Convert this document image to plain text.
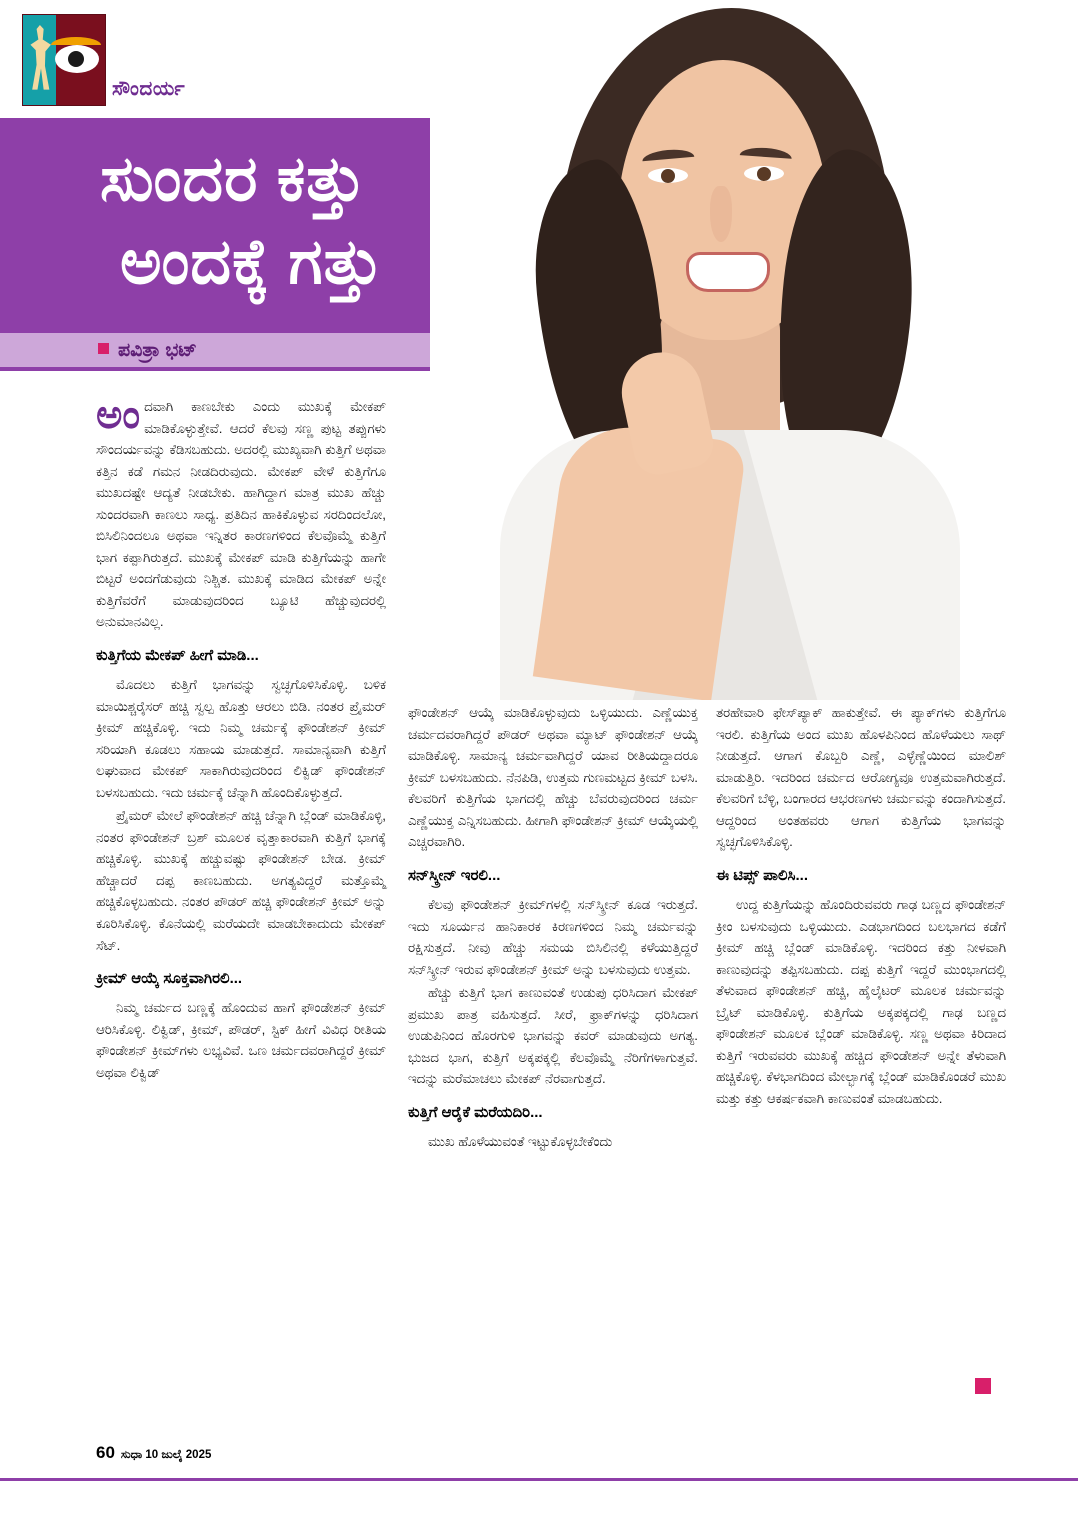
ಸೌಂದರ್ಯ
ಸುಂದರ ಕತ್ತು
ಅಂದಕ್ಕೆ ಗತ್ತು
ಪವಿತ್ರಾ ಭಟ್

ಅಂದವಾಗಿ ಕಾಣಬೇಕು ಎಂದು ಮುಖಕ್ಕೆ ಮೇಕಪ್ ಮಾಡಿಕೊಳ್ಳುತ್ತೇವೆ. ಆದರೆ ಕೆಲವು ಸಣ್ಣ ಪುಟ್ಟ ತಪ್ಪುಗಳು ಸೌಂದರ್ಯವನ್ನು ಕೆಡಿಸಬಹುದು. ಅದರಲ್ಲಿ ಮುಖ್ಯವಾಗಿ ಕುತ್ತಿಗೆ ಅಥವಾ ಕತ್ತಿನ ಕಡೆ ಗಮನ ನೀಡದಿರುವುದು. ಮೇಕಪ್ ವೇಳೆ ಕುತ್ತಿಗೆಗೂ ಮುಖದಷ್ಟೇ ಆದ್ಯತೆ ನೀಡಬೇಕು. ಹಾಗಿದ್ದಾಗ ಮಾತ್ರ ಮುಖ ಹೆಚ್ಚು ಸುಂದರವಾಗಿ ಕಾಣಲು ಸಾಧ್ಯ. ಪ್ರತಿದಿನ ಹಾಕಿಕೊಳ್ಳುವ ಸರದಿಂದಲೋ, ಬಿಸಿಲಿನಿಂದಲೂ ಅಥವಾ ಇನ್ನಿತರ ಕಾರಣಗಳಿಂದ ಕೆಲವೊಮ್ಮೆ ಕುತ್ತಿಗೆ ಭಾಗ ಕಪ್ಪಾಗಿರುತ್ತದೆ. ಮುಖಕ್ಕೆ ಮೇಕಪ್ ಮಾಡಿ ಕುತ್ತಿಗೆಯನ್ನು ಹಾಗೇ ಬಿಟ್ಟರೆ ಅಂದಗೆಡುವುದು ನಿಶ್ಚಿತ. ಮುಖಕ್ಕೆ ಮಾಡಿದ ಮೇಕಪ್ ಅನ್ನೇ ಕುತ್ತಿಗೆವರೆಗೆ ಮಾಡುವುದರಿಂದ ಬ್ಯೂಟಿ ಹೆಚ್ಚುವುದರಲ್ಲಿ ಅನುಮಾನವಿಲ್ಲ.

ಕುತ್ತಿಗೆಯ ಮೇಕಪ್ ಹೀಗೆ ಮಾಡಿ...

ಮೊದಲು ಕುತ್ತಿಗೆ ಭಾಗವನ್ನು ಸ್ವಚ್ಛಗೊಳಿಸಿಕೊಳ್ಳಿ. ಬಳಿಕ ಮಾಯಿಶ್ಚರೈಸರ್ ಹಚ್ಚಿ ಸ್ವಲ್ಪ ಹೊತ್ತು ಆರಲು ಬಿಡಿ. ನಂತರ ಪ್ರೈಮರ್ ಕ್ರೀಮ್ ಹಚ್ಚಿಕೊಳ್ಳಿ. ಇದು ನಿಮ್ಮ ಚರ್ಮಕ್ಕೆ ಫೌಂಡೇಶನ್ ಕ್ರೀಮ್ ಸರಿಯಾಗಿ ಕೂಡಲು ಸಹಾಯ ಮಾಡುತ್ತದೆ. ಸಾಮಾನ್ಯವಾಗಿ ಕುತ್ತಿಗೆ ಲಘುವಾದ ಮೇಕಪ್ ಸಾಕಾಗಿರುವುದರಿಂದ ಲಿಕ್ವಿಡ್ ಫೌಂಡೇಶನ್ ಬಳಸಬಹುದು. ಇದು ಚರ್ಮಕ್ಕೆ ಚೆನ್ನಾಗಿ ಹೊಂದಿಕೊಳ್ಳುತ್ತದೆ.

ಪ್ರೈಮರ್ ಮೇಲೆ ಫೌಂಡೇಶನ್ ಹಚ್ಚಿ ಚೆನ್ನಾಗಿ ಬ್ಲೆಂಡ್ ಮಾಡಿಕೊಳ್ಳಿ, ನಂತರ ಫೌಂಡೇಶನ್ ಬ್ರಶ್ ಮೂಲಕ ವೃತ್ತಾಕಾರವಾಗಿ ಕುತ್ತಿಗೆ ಭಾಗಕ್ಕೆ ಹಚ್ಚಿಕೊಳ್ಳಿ. ಮುಖಕ್ಕೆ ಹಚ್ಚುವಷ್ಟು ಫೌಂಡೇಶನ್ ಬೇಡ. ಕ್ರೀಮ್ ಹೆಚ್ಚಾದರೆ ದಪ್ಪ ಕಾಣಬಹುದು. ಅಗತ್ಯವಿದ್ದರೆ ಮತ್ತೊಮ್ಮೆ ಹಚ್ಚಿಕೊಳ್ಳಬಹುದು. ನಂತರ ಪೌಡರ್ ಹಚ್ಚಿ ಫೌಂಡೇಶನ್ ಕ್ರೀಮ್ ಅನ್ನು ಕೂರಿಸಿಕೊಳ್ಳಿ. ಕೊನೆಯಲ್ಲಿ ಮರೆಯದೇ ಮಾಡಬೇಕಾದುದು ಮೇಕಪ್ ಸೆಟ್.

ಕ್ರೀಮ್ ಆಯ್ಕೆ ಸೂಕ್ತವಾಗಿರಲಿ...

ನಿಮ್ಮ ಚರ್ಮದ ಬಣ್ಣಕ್ಕೆ ಹೊಂದುವ ಹಾಗೆ ಫೌಂಡೇಶನ್ ಕ್ರೀಮ್ ಆರಿಸಿಕೊಳ್ಳಿ. ಲಿಕ್ವಿಡ್, ಕ್ರೀಮ್, ಪೌಡರ್, ಸ್ಟಿಕ್ ಹೀಗೆ ವಿವಿಧ ರೀತಿಯ ಫೌಂಡೇಶನ್ ಕ್ರೀಮ್‌ಗಳು ಲಭ್ಯವಿವೆ. ಒಣ ಚರ್ಮದವರಾಗಿದ್ದರೆ ಕ್ರೀಮ್ ಅಥವಾ ಲಿಕ್ವಿಡ್

ಫೌಂಡೇಶನ್ ಆಯ್ಕೆ ಮಾಡಿಕೊಳ್ಳುವುದು ಒಳ್ಳಿಯುದು. ಎಣ್ಣೆಯುಕ್ತ ಚರ್ಮದವರಾಗಿದ್ದರೆ ಪೌಡರ್ ಅಥವಾ ಮ್ಯಾಟ್ ಫೌಂಡೇಶನ್ ಆಯ್ಕೆ ಮಾಡಿಕೊಳ್ಳಿ. ಸಾಮಾನ್ಯ ಚರ್ಮವಾಗಿದ್ದರೆ ಯಾವ ರೀತಿಯದ್ದಾದರೂ ಕ್ರೀಮ್ ಬಳಸಬಹುದು. ನೆನಪಿಡಿ, ಉತ್ತಮ ಗುಣಮಟ್ಟದ ಕ್ರೀಮ್ ಬಳಸಿ. ಕೆಲವರಿಗೆ ಕುತ್ತಿಗೆಯ ಭಾಗದಲ್ಲಿ ಹೆಚ್ಚು ಬೆವರುವುದರಿಂದ ಚರ್ಮ ಎಣ್ಣೆಯುಕ್ತ ಎನ್ನಿಸಬಹುದು. ಹೀಗಾಗಿ ಫೌಂಡೇಶನ್ ಕ್ರೀಮ್ ಆಯ್ಕೆಯಲ್ಲಿ ಎಚ್ಚರವಾಗಿರಿ.

ಸನ್‌ಸ್ಕ್ರೀನ್ ಇರಲಿ...

ಕೆಲವು ಫೌಂಡೇಶನ್ ಕ್ರೀಮ್‌ಗಳಲ್ಲಿ ಸನ್‌ಸ್ಕ್ರೀನ್ ಕೂಡ ಇರುತ್ತದೆ. ಇದು ಸೂರ್ಯನ ಹಾನಿಕಾರಕ ಕಿರಣಗಳಿಂದ ನಿಮ್ಮ ಚರ್ಮವನ್ನು ರಕ್ಷಿಸುತ್ತದೆ. ನೀವು ಹೆಚ್ಚು ಸಮಯ ಬಿಸಿಲಿನಲ್ಲಿ ಕಳೆಯುತ್ತಿದ್ದರೆ ಸನ್‌ಸ್ಕ್ರೀನ್ ಇರುವ ಫೌಂಡೇಶನ್ ಕ್ರೀಮ್ ಅನ್ನು ಬಳಸುವುದು ಉತ್ತಮ.

ಹೆಚ್ಚು ಕುತ್ತಿಗೆ ಭಾಗ ಕಾಣುವಂತೆ ಉಡುಪು ಧರಿಸಿದಾಗ ಮೇಕಪ್ ಪ್ರಮುಖ ಪಾತ್ರ ವಹಿಸುತ್ತದೆ. ಸೀರೆ, ಫ್ರಾಕ್‌ಗಳನ್ನು ಧರಿಸಿದಾಗ ಉಡುಪಿನಿಂದ ಹೊರಗುಳಿ ಭಾಗವನ್ನು ಕವರ್ ಮಾಡುವುದು ಅಗತ್ಯ. ಭುಜದ ಭಾಗ, ಕುತ್ತಿಗೆ ಅಕ್ಕಪಕ್ಕಲ್ಲಿ ಕೆಲವೊಮ್ಮೆ ನೆರಿಗೆಗಳಾಗುತ್ತವೆ. ಇದನ್ನು ಮರೆಮಾಚಲು ಮೇಕಪ್ ನೆರವಾಗುತ್ತದೆ.

ಕುತ್ತಿಗೆ ಆರೈಕೆ ಮರೆಯದಿರಿ...

ಮುಖ ಹೊಳೆಯುವಂತೆ ಇಟ್ಟುಕೊಳ್ಳಬೇಕೆಂದು

ತರಹೇವಾರಿ ಫೇಸ್‌ಪ್ಯಾಕ್ ಹಾಕುತ್ತೇವೆ. ಈ ಪ್ಯಾಕ್‌ಗಳು ಕುತ್ತಿಗೆಗೂ ಇರಲಿ. ಕುತ್ತಿಗೆಯ ಅಂದ ಮುಖ ಹೊಳಪಿನಿಂದ ಹೊಳೆಯಲು ಸಾಥ್ ನೀಡುತ್ತದೆ. ಆಗಾಗ ಕೊಬ್ಬರಿ ಎಣ್ಣೆ, ಎಳ್ಳೆಣ್ಣೆಯಿಂದ ಮಾಲಿಶ್ ಮಾಡುತ್ತಿರಿ. ಇದರಿಂದ ಚರ್ಮದ ಆರೋಗ್ಯವೂ ಉತ್ತಮವಾಗಿರುತ್ತದೆ. ಕೆಲವರಿಗೆ ಬೆಳ್ಳಿ, ಬಂಗಾರದ ಆಭರಣಗಳು ಚರ್ಮವನ್ನು ಕಂದಾಗಿಸುತ್ತದೆ. ಆದ್ದರಿಂದ ಅಂತಹವರು ಆಗಾಗ ಕುತ್ತಿಗೆಯ ಭಾಗವನ್ನು ಸ್ವಚ್ಛಗೊಳಿಸಿಕೊಳ್ಳಿ.

ಈ ಟಿಪ್ಸ್ ಪಾಲಿಸಿ...

ಉದ್ದ ಕುತ್ತಿಗೆಯನ್ನು ಹೊಂದಿರುವವರು ಗಾಢ ಬಣ್ಣದ ಫೌಂಡೇಶನ್ ಕ್ರೀಂ ಬಳಸುವುದು ಒಳ್ಳಿಯುದು. ಎಡಭಾಗದಿಂದ ಬಲಭಾಗದ ಕಡೆಗೆ ಕ್ರೀಮ್ ಹಚ್ಚಿ ಬ್ಲೆಂಡ್ ಮಾಡಿಕೊಳ್ಳಿ. ಇದರಿಂದ ಕತ್ತು ನೀಳವಾಗಿ ಕಾಣುವುದನ್ನು ತಪ್ಪಿಸಬಹುದು. ದಪ್ಪ ಕುತ್ತಿಗೆ ಇದ್ದರೆ ಮುಂಭಾಗದಲ್ಲಿ ತೆಳುವಾದ ಫೌಂಡೇಶನ್ ಹಚ್ಚಿ, ಹೈಲೈಟರ್ ಮೂಲಕ ಚರ್ಮವನ್ನು ಬ್ರೈಟ್ ಮಾಡಿಕೊಳ್ಳಿ. ಕುತ್ತಿಗೆಯ ಅಕ್ಕಪಕ್ಕದಲ್ಲಿ ಗಾಢ ಬಣ್ಣದ ಫೌಂಡೇಶನ್ ಮೂಲಕ ಬ್ಲೆಂಡ್ ಮಾಡಿಕೊಳ್ಳಿ. ಸಣ್ಣ ಅಥವಾ ಕಿರಿದಾದ ಕುತ್ತಿಗೆ ಇರುವವರು ಮುಖಕ್ಕೆ ಹಚ್ಚಿದ ಫೌಂಡೇಶನ್ ಅನ್ನೇ ತೆಳುವಾಗಿ ಹಚ್ಚಿಕೊಳ್ಳಿ. ಕೆಳಭಾಗದಿಂದ ಮೇಲ್ಭಾಗಕ್ಕೆ ಬ್ಲೆಂಡ್ ಮಾಡಿಕೊಂಡರೆ ಮುಖ ಮತ್ತು ಕತ್ತು ಆಕರ್ಷಕವಾಗಿ ಕಾಣುವಂತೆ ಮಾಡಬಹುದು.

60 ಸುಧಾ 10 ಜುಲೈ 2025
